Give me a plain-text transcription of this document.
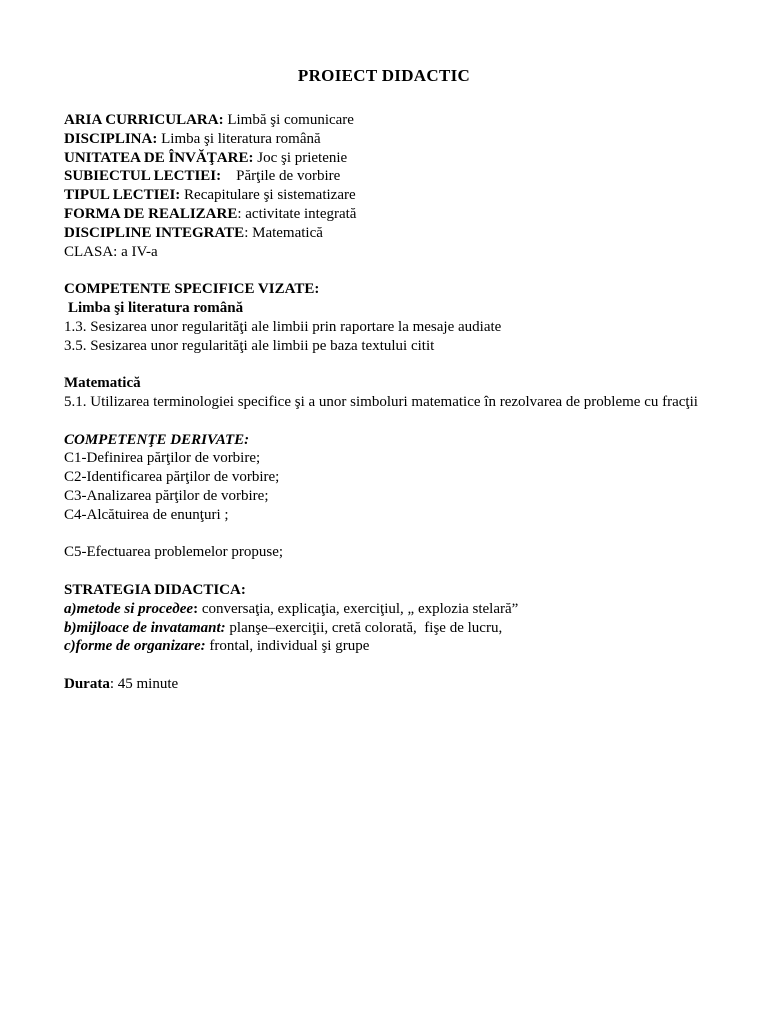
PROIECT DIDACTIC
ARIA CURRICULARA: Limbă şi comunicare
DISCIPLINA: Limba şi literatura română
UNITATEA DE ÎNVĂŢARE: Joc şi prietenie
SUBIECTUL LECTIEI:    Părţile de vorbire
TIPUL LECTIEI: Recapitulare şi sistematizare
FORMA DE REALIZARE: activitate integrată
DISCIPLINE INTEGRATE: Matematică
CLASA: a IV-a
COMPETENTE SPECIFICE VIZATE:
Limba şi literatura română
1.3. Sesizarea unor regularităţi ale limbii prin raportare la mesaje audiate
3.5. Sesizarea unor regularităţi ale limbii pe baza textului citit
Matematică
5.1. Utilizarea terminologiei specifice şi a unor simboluri matematice în rezolvarea de probleme cu fracţii
COMPETENŢE DERIVATE:
C1-Definirea părţilor de vorbire;
C2-Identificarea părţilor de vorbire;
C3-Analizarea părţilor de vorbire;
C4-Alcătuirea de enunţuri ;
C5-Efectuarea problemelor propuse;
STRATEGIA DIDACTICA:
a)metode si proceдee: conversaţia, explicaţia, exerciţiul, „ explozia stelară”
b)mijloace de invatamant: planşe–exerciţii, cretă colorată,  fişe de lucru,
c)forme de organizare: frontal, individual şi grupe
Durata: 45 minute
